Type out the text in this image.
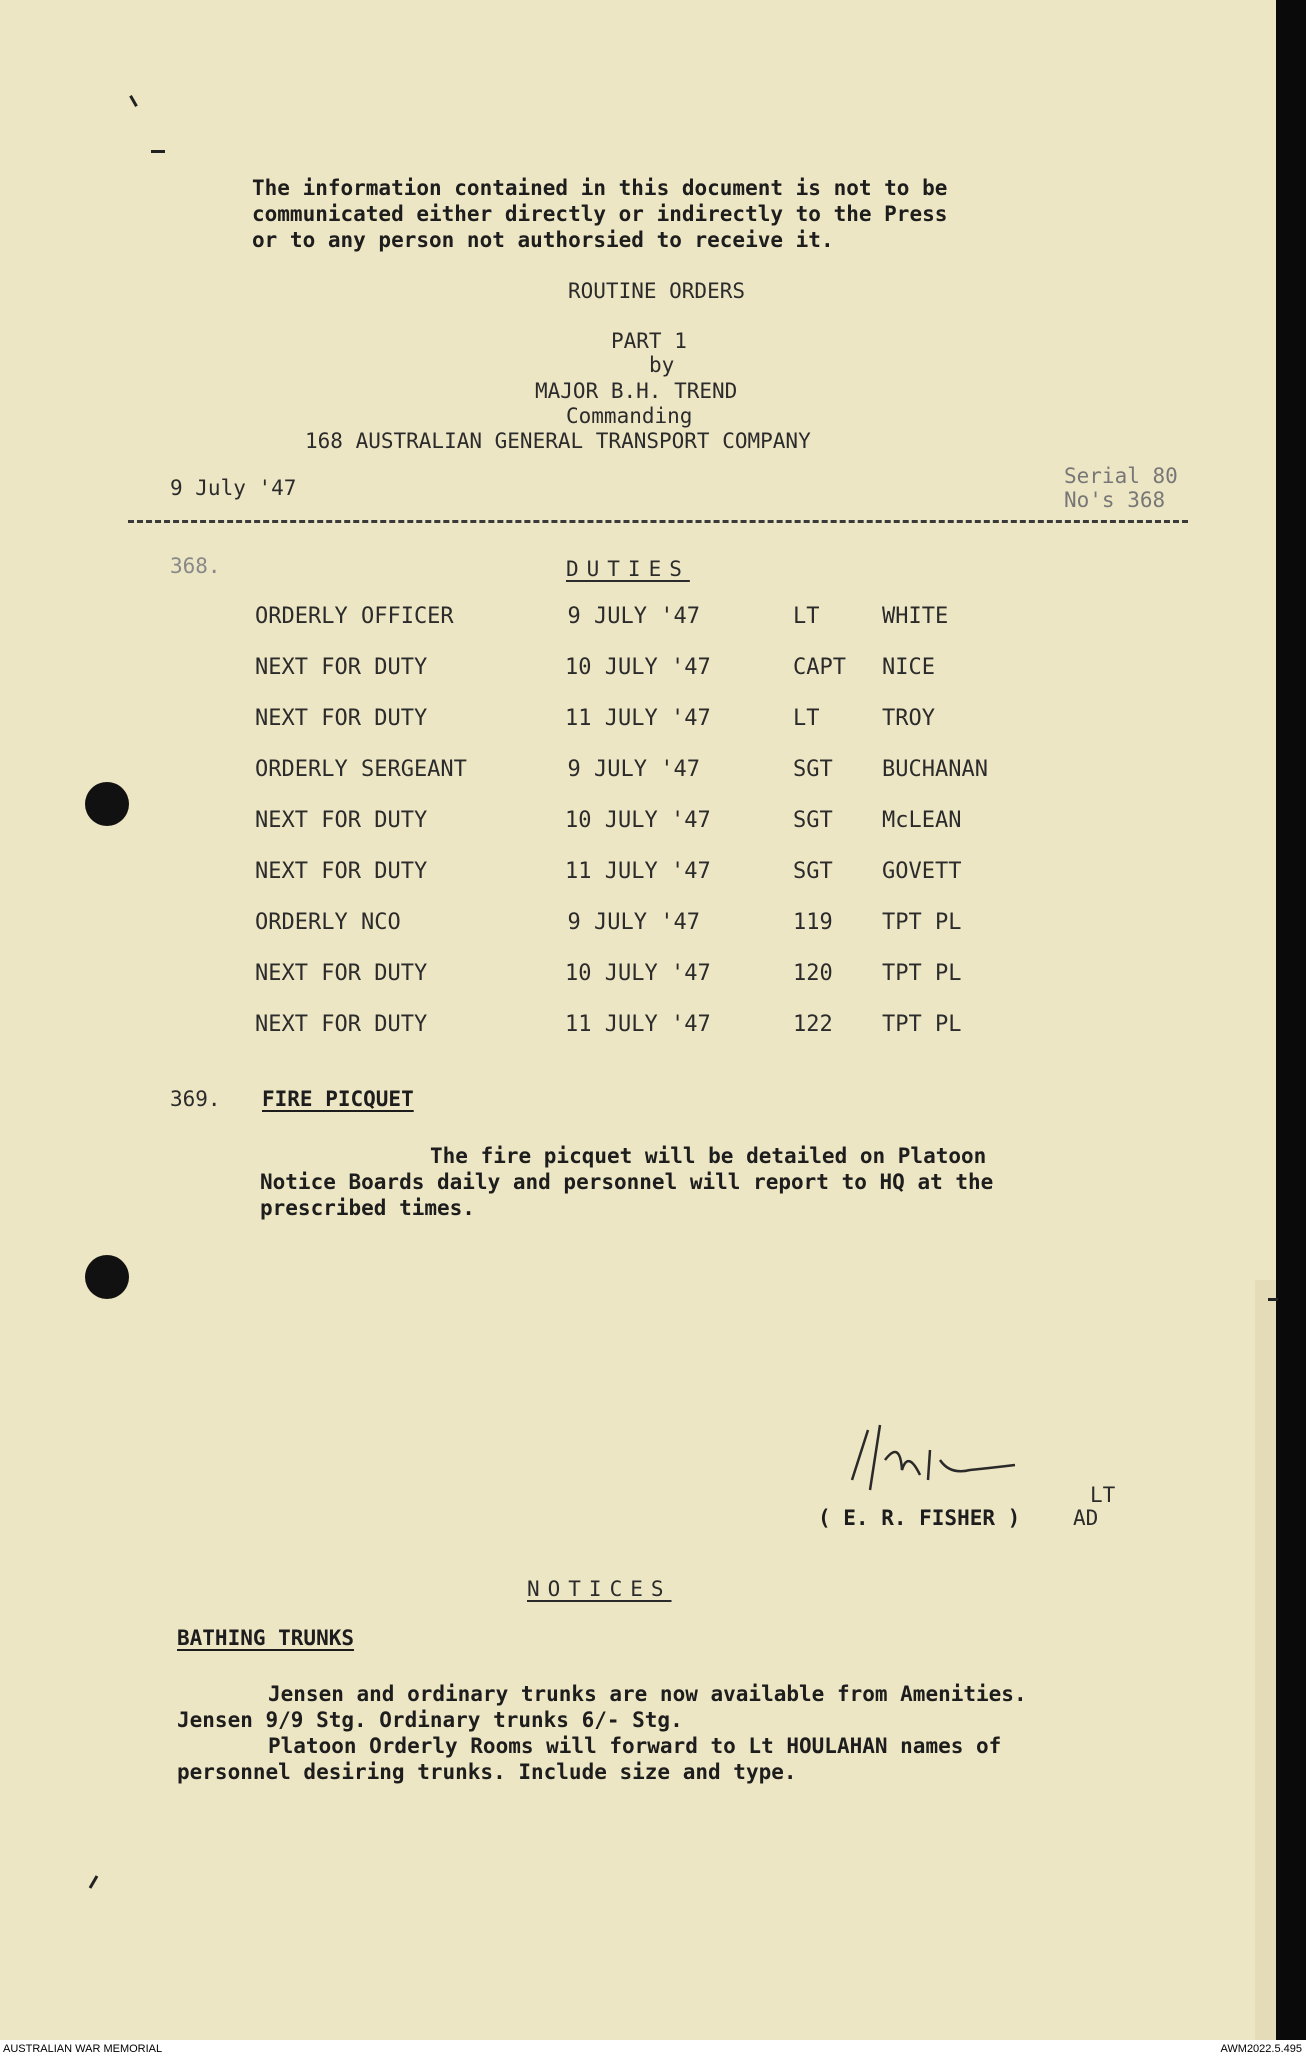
The information contained in this document is not to be
communicated either directly or indirectly to the Press
or to any person not authorsied to receive it.
ROUTINE ORDERS
PART 1
by
MAJOR B.H. TREND
Commanding
168 AUSTRALIAN GENERAL TRANSPORT COMPANY
9 July '47	Serial 80
No's 368
368.	DUTIES
ORDERLY OFFICER	9 JULY '47	LT	WHITE
NEXT FOR DUTY	10 JULY '47	CAPT NICE
NEXT FOR DUTY	11 JULY '47	LT	TROY
ORDERLY SERGEANT	9 JULY '47	SGT BUCHANAN
NEXT FOR DUTY	10 JULY '47	SGT McLEAN
NEXT FOR DUTY	11 JULY '47	SGT GOVETT
ORDERLY NCO	9 JULY '47	119 TPT PL
NEXT FOR DUTY	10 JULY '47	120 TPT PL
NEXT FOR DUTY	11 JULY '47	122 TPT PL
369. FIRE PICQUET
The fire picquet will be detailed on Platoon
Notice Boards daily and personnel will report to HQ at the
prescribed times.
( E. R. FISHER )
LT
AD
NOTICES
BATHING TRUNKS
Jensen and ordinary trunks are now available from Amenities.
Jensen 9/9 Stg. Ordinary trunks 6/- Stg.
Platoon Orderly Rooms will forward to Lt HOULAHAN names of
personnel desiring trunks. Include size and type.
AUSTRALIAN WAR MEMORIAL	AWM2022.5.495
